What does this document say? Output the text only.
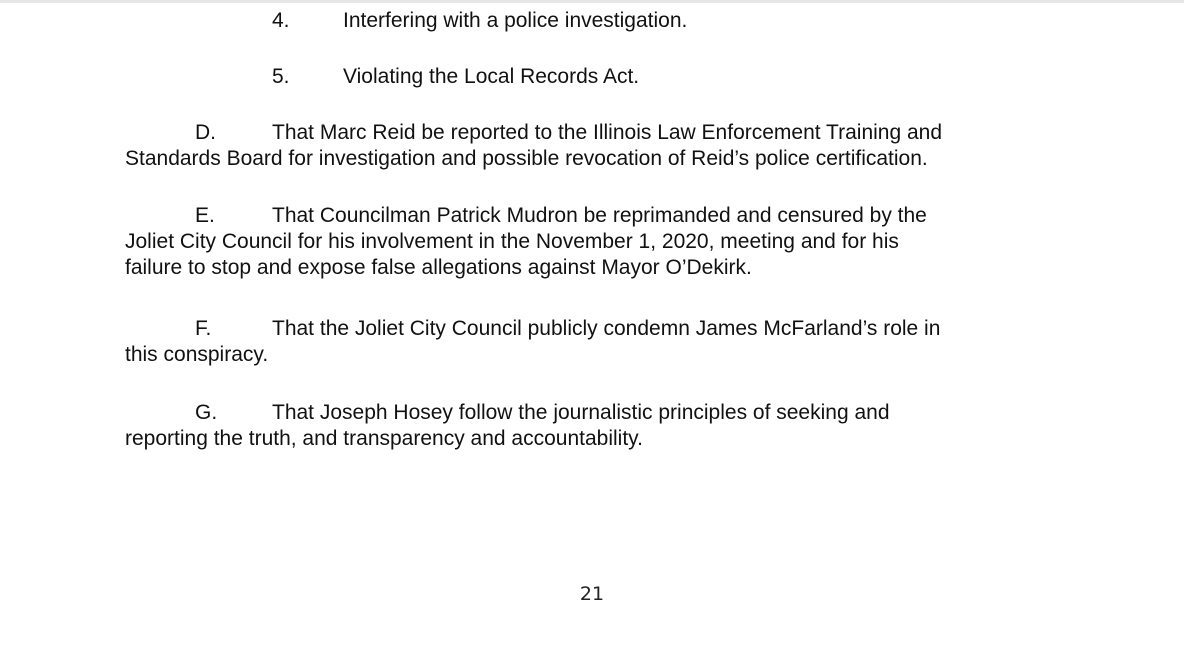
4.	Interfering with a police investigation.
5.	Violating the Local Records Act.
D.	That Marc Reid be reported to the Illinois Law Enforcement Training and
Standards Board for investigation and possible revocation of Reid’s police certification.
E.	That Councilman Patrick Mudron be reprimanded and censured by the
Joliet City Council for his involvement in the November 1, 2020, meeting and for his
failure to stop and expose false allegations against Mayor O’Dekirk.
F.	That the Joliet City Council publicly condemn James McFarland’s role in
this conspiracy.
G.	That Joseph Hosey follow the journalistic principles of seeking and
reporting the truth, and transparency and accountability.
21
